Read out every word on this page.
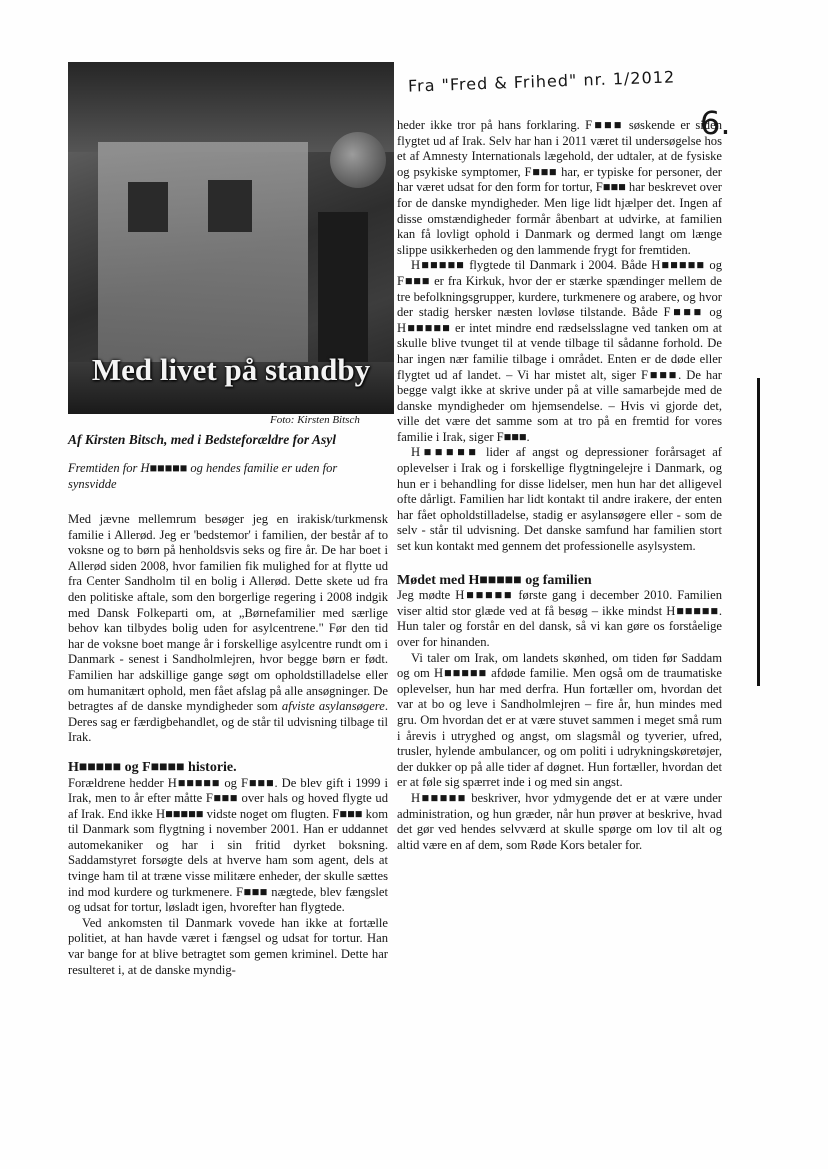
Fra "Fred & Frihed" nr. 1/2012
6.
Med livet på standby
Foto: Kirsten Bitsch
Af Kirsten Bitsch, med i Bedsteforældre for Asyl
Fremtiden for H■■■■■ og hendes familie er uden for synsvidde

Med jævne mellemrum besøger jeg en irakisk/turkmensk familie i Allerød. Jeg er 'bedstemor' i familien, der består af to voksne og to børn på henholdsvis seks og fire år. De har boet i Allerød siden 2008, hvor familien fik mulighed for at flytte ud fra Center Sandholm til en bolig i Allerød. Dette skete ud fra den politiske aftale, som den borgerlige regering i 2008 indgik med Dansk Folkeparti om, at „Børnefamilier med særlige behov kan tilbydes bolig uden for asylcentrene." Før den tid har de voksne boet mange år i forskellige asylcentre rundt om i Danmark - senest i Sandholmlejren, hvor begge børn er født. Familien har adskillige gange søgt om opholdstilladelse eller om humanitært ophold, men fået afslag på alle ansøgninger. De betragtes af de danske myndigheder som afviste asylansøgere. Deres sag er færdigbehandlet, og de står til udvisning tilbage til Irak.

H■■■■■ og F■■■■ historie.

Forældrene hedder H■■■■■ og F■■■. De blev gift i 1999 i Irak, men to år efter måtte F■■■ over hals og hoved flygte ud af Irak. End ikke H■■■■■ vidste noget om flugten. F■■■ kom til Danmark som flygtning i november 2001. Han er uddannet automekaniker og har i sin fritid dyrket boksning. Saddamstyret forsøgte dels at hverve ham som agent, dels at tvinge ham til at træne visse militære enheder, der skulle sættes ind mod kurdere og turkmenere. F■■■ nægtede, blev fængslet og udsat for tortur, løsladt igen, hvorefter han flygtede.

Ved ankomsten til Danmark vovede han ikke at fortælle politiet, at han havde været i fængsel og udsat for tortur. Han var bange for at blive betragtet som gemen kriminel. Dette har resulteret i, at de danske myndig-

heder ikke tror på hans forklaring. F■■■ søskende er siden flygtet ud af Irak. Selv har han i 2011 været til undersøgelse hos et af Amnesty Internationals lægehold, der udtaler, at de fysiske og psykiske symptomer, F■■■ har, er typiske for personer, der har været udsat for den form for tortur, F■■■ har beskrevet over for de danske myndigheder. Men lige lidt hjælper det. Ingen af disse omstændigheder formår åbenbart at udvirke, at familien kan få lovligt ophold i Danmark og dermed langt om længe slippe usikkerheden og den lammende frygt for fremtiden.

H■■■■■ flygtede til Danmark i 2004. Både H■■■■■ og F■■■ er fra Kirkuk, hvor der er stærke spændinger mellem de tre befolkningsgrupper, kurdere, turkmenere og arabere, og hvor der stadig hersker næsten lovløse tilstande. Både F■■■ og H■■■■■ er intet mindre end rædselsslagne ved tanken om at skulle blive tvunget til at vende tilbage til sådanne forhold. De har ingen nær familie tilbage i området. Enten er de døde eller flygtet ud af landet. – Vi har mistet alt, siger F■■■. De har begge valgt ikke at skrive under på at ville samarbejde med de danske myndigheder om hjemsendelse. – Hvis vi gjorde det, ville det være det samme som at tro på en fremtid for vores familie i Irak, siger F■■■.

H■■■■■ lider af angst og depressioner forårsaget af oplevelser i Irak og i forskellige flygtningelejre i Danmark, og hun er i behandling for disse lidelser, men hun har det alligevel ofte dårligt. Familien har lidt kontakt til andre irakere, der enten har fået opholdstilladelse, stadig er asylansøgere eller - som de selv - står til udvisning. Det danske samfund har familien stort set kun kontakt med gennem det professionelle asylsystem.

Mødet med H■■■■■ og familien

Jeg mødte H■■■■■ første gang i december 2010. Familien viser altid stor glæde ved at få besøg – ikke mindst H■■■■■. Hun taler og forstår en del dansk, så vi kan gøre os forståelige over for hinanden.

Vi taler om Irak, om landets skønhed, om tiden før Saddam og om H■■■■■ afdøde familie. Men også om de traumatiske oplevelser, hun har med derfra. Hun fortæller om, hvordan det var at bo og leve i Sandholmlejren – fire år, hun mindes med gru. Om hvordan det er at være stuvet sammen i meget små rum i årevis i utryghed og angst, om slagsmål og tyverier, ufred, trusler, hylende ambulancer, og om politi i udrykningskøretøjer, der dukker op på alle tider af døgnet. Hun fortæller, hvordan det er at føle sig spærret inde i og med sin angst.

H■■■■■ beskriver, hvor ydmygende det er at være under administration, og hun græder, når hun prøver at beskrive, hvad det gør ved hendes selvværd at skulle spørge om lov til alt og altid være en af dem, som Røde Kors betaler for.
